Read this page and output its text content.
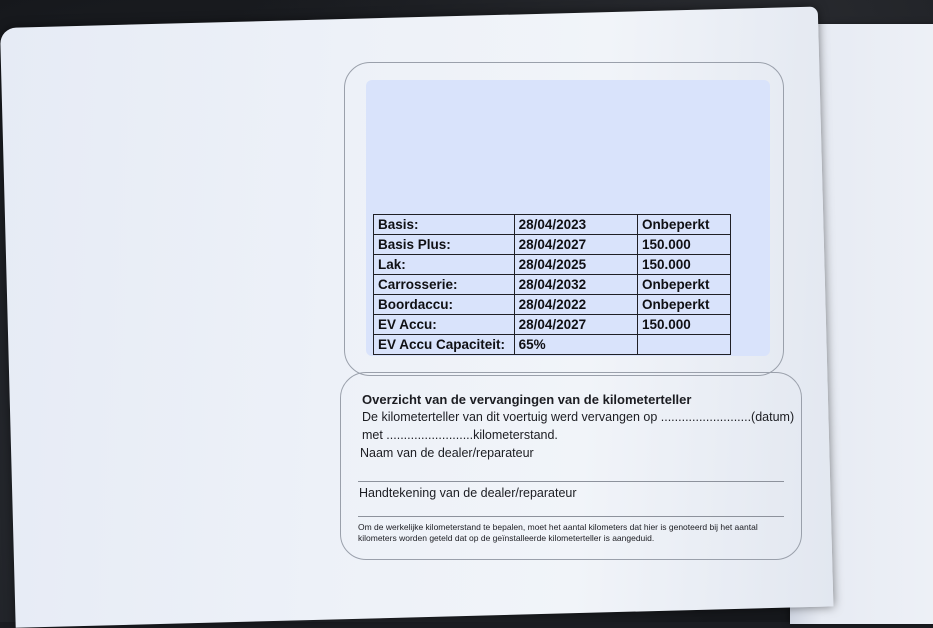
Basis:	28/04/2023	Onbeperkt
Basis Plus:	28/04/2027	150.000
Lak:	28/04/2025	150.000
Carrosserie:	28/04/2032	Onbeperkt
Boordaccu:	28/04/2022	Onbeperkt
EV Accu:	28/04/2027	150.000
EV Accu Capaciteit:	65%	
Overzicht van de vervangingen van de kilometerteller
De kilometerteller van dit voertuig werd vervangen op ..........................(datum)
met .........................kilometerstand.
Naam van de dealer/reparateur
Handtekening van de dealer/reparateur
Om de werkelijke kilometerstand te bepalen, moet het aantal kilometers dat hier is genoteerd bij het aantal kilometers worden geteld dat op de geïnstalleerde kilometerteller is aangeduid.
